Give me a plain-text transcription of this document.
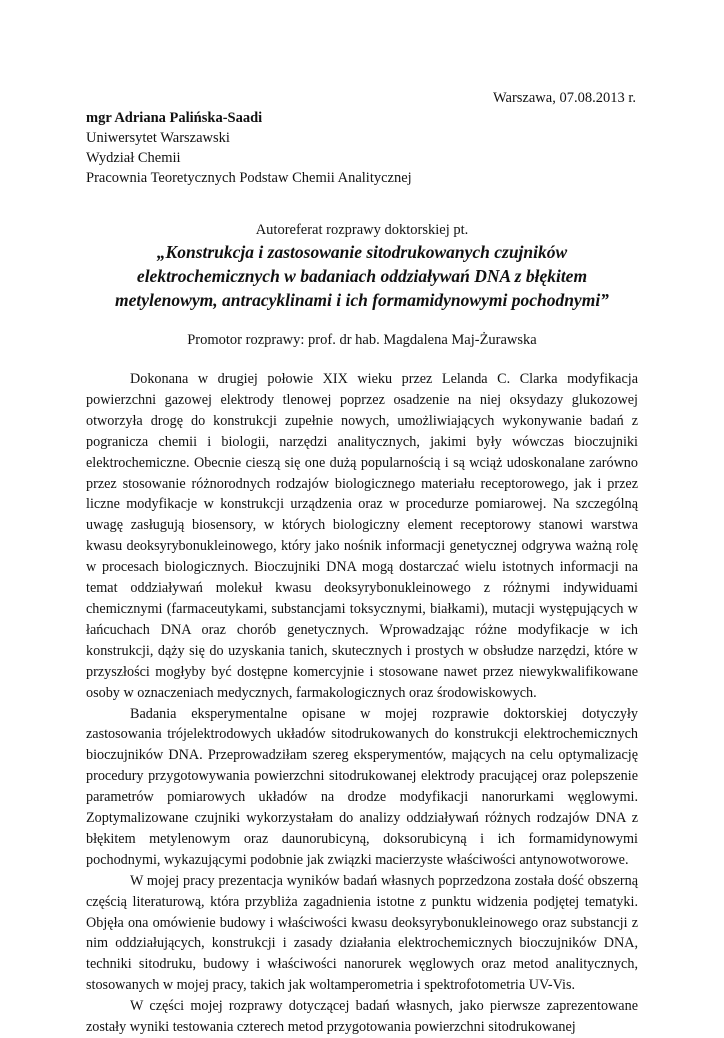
Warszawa, 07.08.2013 r.
mgr Adriana Palińska-Saadi
Uniwersytet Warszawski
Wydział Chemii
Pracownia Teoretycznych Podstaw Chemii Analitycznej
Autoreferat rozprawy doktorskiej pt.
„Konstrukcja i zastosowanie sitodrukowanych czujników elektrochemicznych w badaniach oddziaływań DNA z błękitem metylenowym, antracyklinami i ich formamidynowymi pochodnymi”
Promotor rozprawy: prof. dr hab. Magdalena Maj-Żurawska

Dokonana w drugiej połowie XIX wieku przez Lelanda C. Clarka modyfikacja powierzchni gazowej elektrody tlenowej poprzez osadzenie na niej oksydazy glukozowej otworzyła drogę do konstrukcji zupełnie nowych, umożliwiających wykonywanie badań z pogranicza chemii i biologii, narzędzi analitycznych, jakimi były wówczas bioczujniki elektrochemiczne. Obecnie cieszą się one dużą popularnością i są wciąż udoskonalane zarówno przez stosowanie różnorodnych rodzajów biologicznego materiału receptorowego, jak i przez liczne modyfikacje w konstrukcji urządzenia oraz w procedurze pomiarowej. Na szczególną uwagę zasługują biosensory, w których biologiczny element receptorowy stanowi warstwa kwasu deoksyrybonukleinowego, który jako nośnik informacji genetycznej odgrywa ważną rolę w procesach biologicznych. Bioczujniki DNA mogą dostarczać wielu istotnych informacji na temat oddziaływań molekuł kwasu deoksyrybonukleinowego z różnymi indywiduami chemicznymi (farmaceutykami, substancjami toksycznymi, białkami), mutacji występujących w łańcuchach DNA oraz chorób genetycznych. Wprowadzając różne modyfikacje w ich konstrukcji, dąży się do uzyskania tanich, skutecznych i prostych w obsłudze narzędzi, które w przyszłości mogłyby być dostępne komercyjnie i stosowane nawet przez niewykwalifikowane osoby w oznaczeniach medycznych, farmakologicznych oraz środowiskowych.

Badania eksperymentalne opisane w mojej rozprawie doktorskiej dotyczyły zastosowania trójelektrodowych układów sitodrukowanych do konstrukcji elektrochemicznych bioczujników DNA. Przeprowadziłam szereg eksperymentów, mających na celu optymalizację procedury przygotowywania powierzchni sitodrukowanej elektrody pracującej oraz polepszenie parametrów pomiarowych układów na drodze modyfikacji nanorurkami węglowymi. Zoptymalizowane czujniki wykorzystałam do analizy oddziaływań różnych rodzajów DNA z błękitem metylenowym oraz daunorubicyną, doksorubicyną i ich formamidynowymi pochodnymi, wykazującymi podobnie jak związki macierzyste właściwości antynowotworowe.

W mojej pracy prezentacja wyników badań własnych poprzedzona została dość obszerną częścią literaturową, która przybliża zagadnienia istotne z punktu widzenia podjętej tematyki. Objęła ona omówienie budowy i właściwości kwasu deoksyrybonukleinowego oraz substancji z nim oddziałujących, konstrukcji i zasady działania elektrochemicznych bioczujników DNA, techniki sitodruku, budowy i właściwości nanorurek węglowych oraz metod analitycznych, stosowanych w mojej pracy, takich jak woltamperometria i spektrofotometria UV-Vis.

W części mojej rozprawy dotyczącej badań własnych, jako pierwsze zaprezentowane zostały wyniki testowania czterech metod przygotowania powierzchni sitodrukowanej
